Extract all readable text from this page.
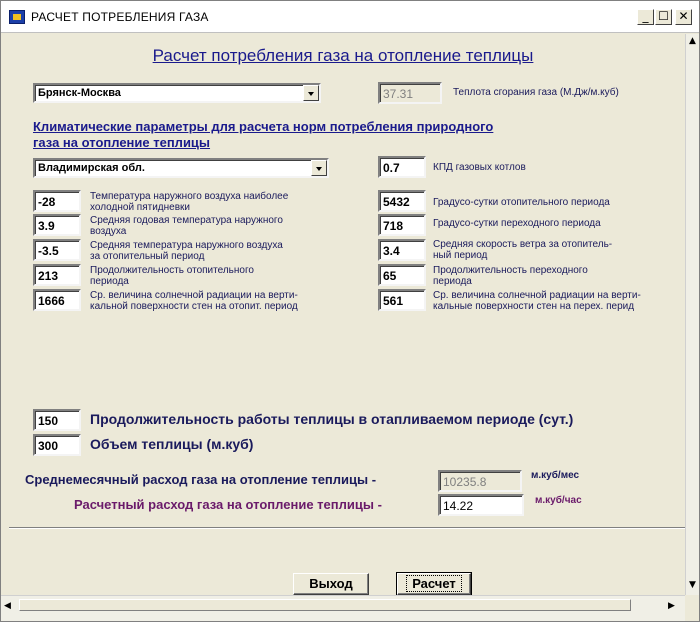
РАСЧЕТ ПОТРЕБЛЕНИЯ ГАЗА	_ ☐ ✕
Расчет потребления газа на отопление теплицы
Брянск-Москва	37.31	Теплота сгорания газа (М.Дж/м.куб)
Климатические параметры для расчета норм потребления природного
газа на отопление теплицы
Владимирская обл.	0.7	КПД газовых котлов
-28	Температура наружного воздуха наиболее
холодной пятидневки
3.9	Средняя годовая температура наружного
воздуха
-3.5	Средняя температура наружного воздуха
за отопительный период
213	Продолжительность отопительного
периода
1666	Ср. величина солнечной радиации на верти-
кальной поверхности стен на отопит. период
5432	Градусо-сутки отопительного периода
718	Градусо-сутки переходного периода
3.4	Средняя скорость ветра за отопитель-
ный период
65	Продолжительность переходного
периода
561	Ср. величина солнечной радиации на верти-
кальные поверхности стен на перех. перид
150	Продолжительность работы теплицы в отапливаемом периоде (сут.)
300	Объем теплицы (м.куб)
Среднемесячный расход газа на отопление теплицы -	10235.8	м.куб/мес
Расчетный расход газа на отопление теплицы -	14.22	м.куб/час
Выход	Расчет
▲
▼
◀	▶
